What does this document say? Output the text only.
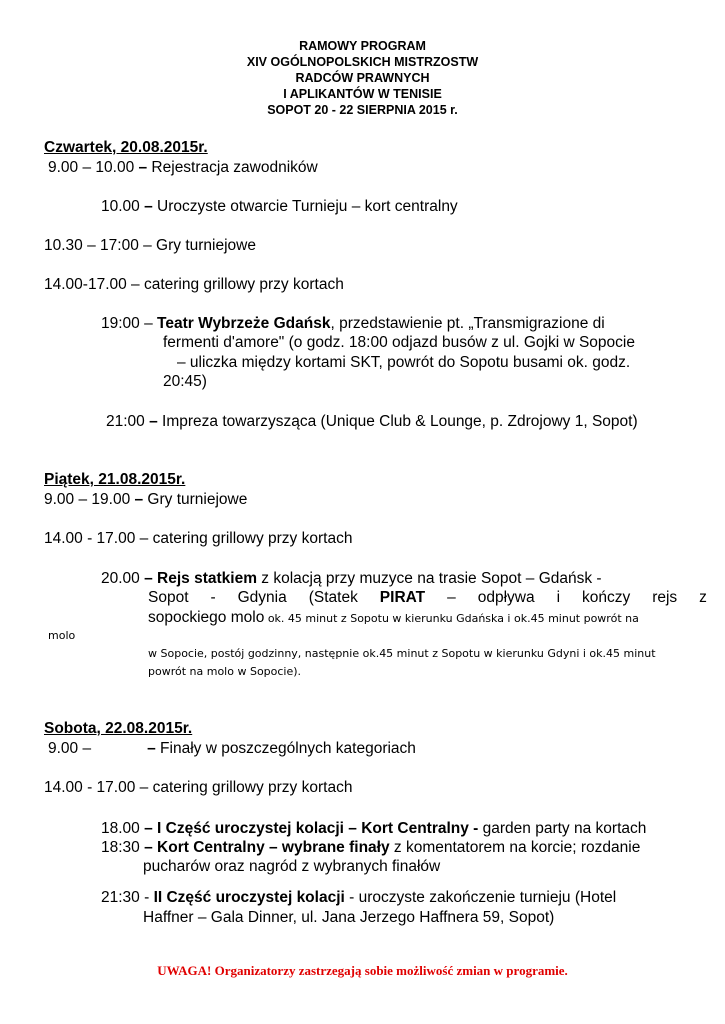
RAMOWY PROGRAM
XIV OGÓLNOPOLSKICH MISTRZOSTW
RADCÓW PRAWNYCH
I APLIKANTÓW W TENISIE
SOPOT 20 - 22 SIERPNIA 2015 r.
Czwartek, 20.08.2015r.
9.00 – 10.00 – Rejestracja zawodników
10.00 – Uroczyste otwarcie Turnieju – kort centralny
10.30 – 17:00 – Gry turniejowe
14.00-17.00 – catering grillowy przy kortach
19:00 – Teatr Wybrzeże Gdańsk, przedstawienie pt. „Transmigrazione di
fermenti d'amore" (o godz. 18:00 odjazd busów z ul. Gojki w Sopocie
– uliczka między kortami SKT, powrót do Sopotu busami ok. godz.
20:45)
21:00 – Impreza towarzysząca (Unique Club & Lounge, p. Zdrojowy 1, Sopot)
Piątek, 21.08.2015r.
9.00 – 19.00 – Gry turniejowe
14.00 - 17.00 – catering grillowy przy kortach
20.00 – Rejs statkiem z kolacją przy muzyce na trasie Sopot – Gdańsk -
Sopot - Gdynia (Statek PIRAT – odpływa i kończy rejs z
sopockiego molo ok. 45 minut z Sopotu w kierunku Gdańska i ok.45 minut powrót na
molo
w Sopocie, postój godzinny, następnie ok.45 minut z Sopotu w kierunku Gdyni i ok.45 minut
powrót na molo w Sopocie).
Sobota, 22.08.2015r.
9.00 –	– Finały w poszczególnych kategoriach
14.00 - 17.00 – catering grillowy przy kortach
18.00 – I Część uroczystej kolacji – Kort Centralny - garden party na kortach
18:30 – Kort Centralny – wybrane finały z komentatorem na korcie; rozdanie
pucharów oraz nagród z wybranych finałów
21:30 - II Część uroczystej kolacji - uroczyste zakończenie turnieju (Hotel
Haffner – Gala Dinner, ul. Jana Jerzego Haffnera 59, Sopot)
UWAGA! Organizatorzy zastrzegają sobie możliwość zmian w programie.
